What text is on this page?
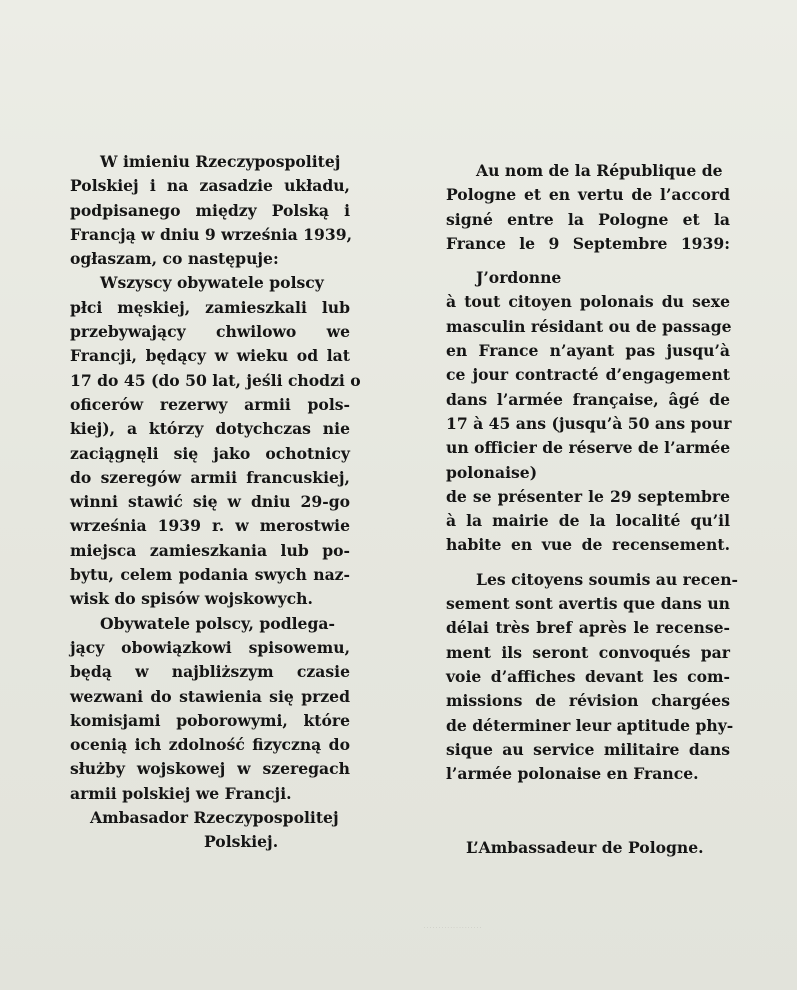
W imieniu Rzeczypospolitej
Polskiej i na zasadzie układu,
podpisanego między Polską i
Francją w dniu 9 września 1939,
ogłaszam, co następuje:
Wszyscy obywatele polscy
płci męskiej, zamieszkali lub
przebywający chwilowo we
Francji, będący w wieku od lat
17 do 45 (do 50 lat, jeśli chodzi o
oficerów rezerwy armii pols-
kiej), a którzy dotychczas nie
zaciągnęli się jako ochotnicy
do szeregów armii francuskiej,
winni stawić się w dniu 29-go
września 1939 r. w merostwie
miejsca zamieszkania lub po-
bytu, celem podania swych naz-
wisk do spisów wojskowych.
Obywatele polscy, podlega-
jący obowiązkowi spisowemu,
będą w najbliższym czasie
wezwani do stawienia się przed
komisjami poborowymi, które
ocenią ich zdolność fizyczną do
służby wojskowej w szeregach
armii polskiej we Francji.
Ambasador Rzeczypospolitej
Polskiej.
Au nom de la République de
Pologne et en vertu de l’accord
signé entre la Pologne et la
France le 9 Septembre 1939:
J’ordonne
à tout citoyen polonais du sexe
masculin résidant ou de passage
en France n’ayant pas jusqu’à
ce jour contracté d’engagement
dans l’armée française, âgé de
17 à 45 ans (jusqu’à 50 ans pour
un officier de réserve de l’armée
polonaise)
de se présenter le 29 septembre
à la mairie de la localité qu’il
habite en vue de recensement.
Les citoyens soumis au recen-
sement sont avertis que dans un
délai très bref après le recense-
ment ils seront convoqués par
voie d’affiches devant les com-
missions de révision chargées
de déterminer leur aptitude phy-
sique au service militaire dans
l’armée polonaise en France.
L’Ambassadeur de Pologne.
· · · · · · · · · · · · · · · · · · · ·
